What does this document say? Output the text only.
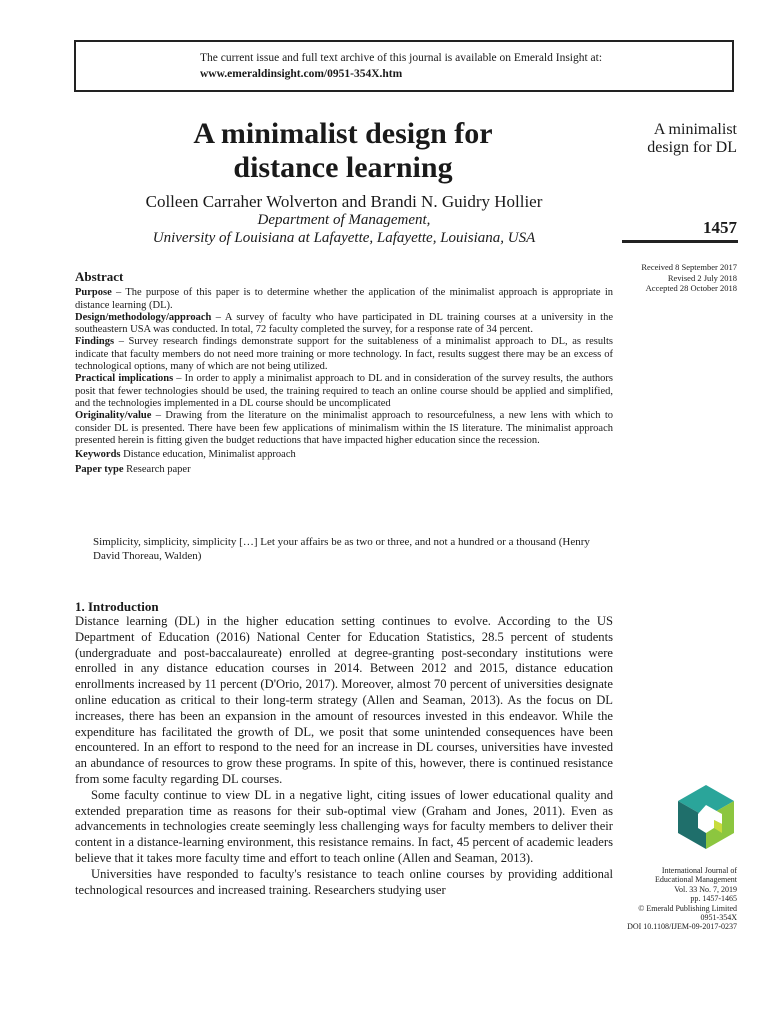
The current issue and full text archive of this journal is available on Emerald Insight at:
www.emeraldinsight.com/0951-354X.htm
A minimalist design for
distance learning
Colleen Carraher Wolverton and Brandi N. Guidry Hollier
Department of Management,
University of Louisiana at Lafayette, Lafayette, Louisiana, USA
A minimalist
design for DL
1457
Received 8 September 2017
Revised 2 July 2018
Accepted 28 October 2018
Abstract

Purpose – The purpose of this paper is to determine whether the application of the minimalist approach is appropriate in distance learning (DL).

Design/methodology/approach – A survey of faculty who have participated in DL training courses at a university in the southeastern USA was conducted. In total, 72 faculty completed the survey, for a response rate of 34 percent.

Findings – Survey research findings demonstrate support for the suitableness of a minimalist approach to DL, as results indicate that faculty members do not need more training or more technology. In fact, results suggest there may be an excess of technological options, many of which are not being utilized.

Practical implications – In order to apply a minimalist approach to DL and in consideration of the survey results, the authors posit that fewer technologies should be used, the training required to teach an online course should be applied and simplified, and the technologies implemented in a DL course should be uncomplicated

Originality/value – Drawing from the literature on the minimalist approach to resourcefulness, a new lens with which to consider DL is presented. There have been few applications of minimalism within the IS literature. The minimalist approach presented herein is fitting given the budget reductions that have impacted higher education since the recession.

Keywords Distance education, Minimalist approach

Paper type Research paper

Simplicity, simplicity, simplicity […] Let your affairs be as two or three, and not a hundred or a thousand (Henry David Thoreau, Walden)
1. Introduction

Distance learning (DL) in the higher education setting continues to evolve. According to the US Department of Education (2016) National Center for Education Statistics, 28.5 percent of students (undergraduate and post-baccalaureate) enrolled at degree-granting post-secondary institutions were enrolled in any distance education courses in 2014. Between 2012 and 2015, distance education enrollments increased by 11 percent (D'Orio, 2017). Moreover, almost 70 percent of universities designate online education as critical to their long-term strategy (Allen and Seaman, 2013). As the focus on DL increases, there has been an expansion in the amount of resources invested in this endeavor. While the expenditure has facilitated the growth of DL, we posit that some unintended consequences have been encountered. In an effort to respond to the need for an increase in DL courses, universities have invested an abundance of resources to grow these programs. In spite of this, however, there is continued resistance from some faculty regarding DL courses.

Some faculty continue to view DL in a negative light, citing issues of lower educational quality and extended preparation time as reasons for their sub-optimal view (Graham and Jones, 2011). Even as advancements in technologies create seemingly less challenging ways for faculty members to deliver their content in a distance-learning environment, this resistance remains. In fact, 45 percent of academic leaders believe that it takes more faculty time and effort to teach online (Allen and Seaman, 2013).

Universities have responded to faculty's resistance to teach online courses by providing additional technological resources and increased training. Researchers studying user

International Journal of
Educational Management
Vol. 33 No. 7, 2019
pp. 1457-1465
© Emerald Publishing Limited
0951-354X
DOI 10.1108/IJEM-09-2017-0237
